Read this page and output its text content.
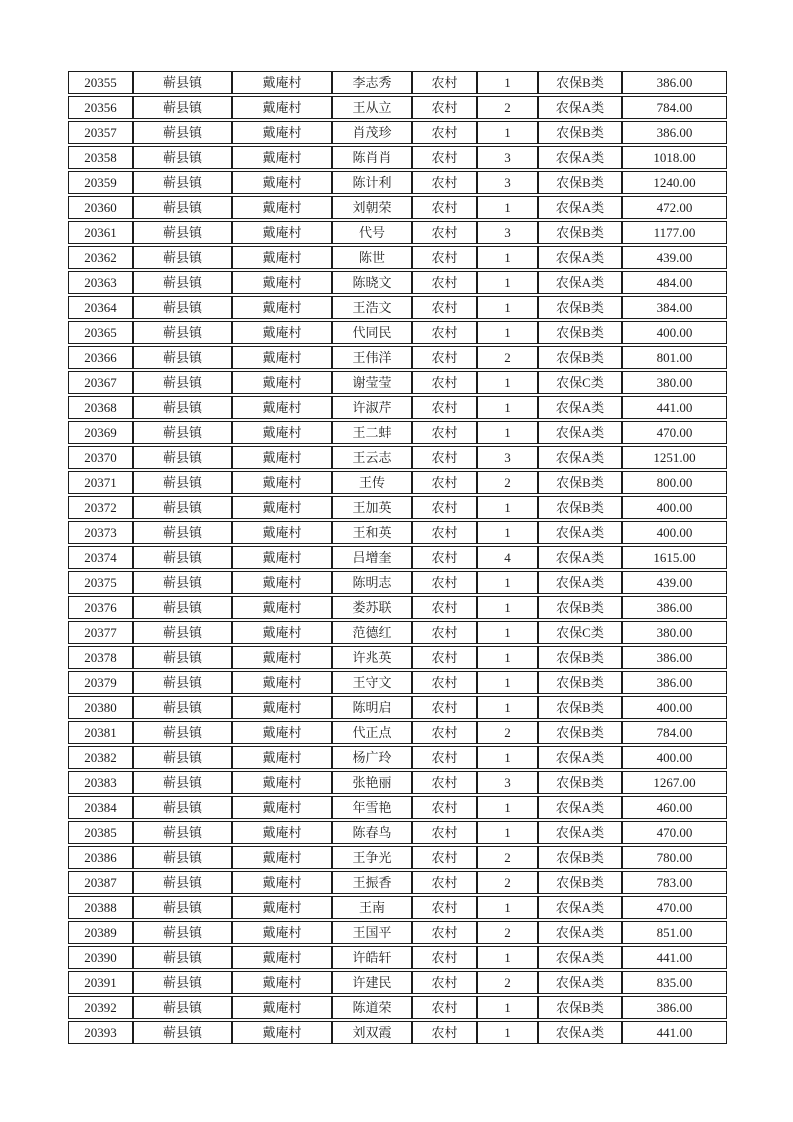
20355	蕲县镇	戴庵村	李志秀	农村	1	农保B类	386.00
20356	蕲县镇	戴庵村	王从立	农村	2	农保A类	784.00
20357	蕲县镇	戴庵村	肖茂珍	农村	1	农保B类	386.00
20358	蕲县镇	戴庵村	陈肖肖	农村	3	农保A类	1018.00
20359	蕲县镇	戴庵村	陈计利	农村	3	农保B类	1240.00
20360	蕲县镇	戴庵村	刘朝荣	农村	1	农保A类	472.00
20361	蕲县镇	戴庵村	代号	农村	3	农保B类	1177.00
20362	蕲县镇	戴庵村	陈世	农村	1	农保A类	439.00
20363	蕲县镇	戴庵村	陈晓文	农村	1	农保A类	484.00
20364	蕲县镇	戴庵村	王浩文	农村	1	农保B类	384.00
20365	蕲县镇	戴庵村	代同民	农村	1	农保B类	400.00
20366	蕲县镇	戴庵村	王伟洋	农村	2	农保B类	801.00
20367	蕲县镇	戴庵村	谢莹莹	农村	1	农保C类	380.00
20368	蕲县镇	戴庵村	许淑芹	农村	1	农保A类	441.00
20369	蕲县镇	戴庵村	王二蚌	农村	1	农保A类	470.00
20370	蕲县镇	戴庵村	王云志	农村	3	农保A类	1251.00
20371	蕲县镇	戴庵村	王传	农村	2	农保B类	800.00
20372	蕲县镇	戴庵村	王加英	农村	1	农保B类	400.00
20373	蕲县镇	戴庵村	王和英	农村	1	农保A类	400.00
20374	蕲县镇	戴庵村	吕增奎	农村	4	农保A类	1615.00
20375	蕲县镇	戴庵村	陈明志	农村	1	农保A类	439.00
20376	蕲县镇	戴庵村	娄苏联	农村	1	农保B类	386.00
20377	蕲县镇	戴庵村	范德红	农村	1	农保C类	380.00
20378	蕲县镇	戴庵村	许兆英	农村	1	农保B类	386.00
20379	蕲县镇	戴庵村	王守文	农村	1	农保B类	386.00
20380	蕲县镇	戴庵村	陈明启	农村	1	农保B类	400.00
20381	蕲县镇	戴庵村	代正点	农村	2	农保B类	784.00
20382	蕲县镇	戴庵村	杨广玲	农村	1	农保A类	400.00
20383	蕲县镇	戴庵村	张艳丽	农村	3	农保B类	1267.00
20384	蕲县镇	戴庵村	年雪艳	农村	1	农保A类	460.00
20385	蕲县镇	戴庵村	陈春鸟	农村	1	农保A类	470.00
20386	蕲县镇	戴庵村	王争光	农村	2	农保B类	780.00
20387	蕲县镇	戴庵村	王振香	农村	2	农保B类	783.00
20388	蕲县镇	戴庵村	王南	农村	1	农保A类	470.00
20389	蕲县镇	戴庵村	王国平	农村	2	农保A类	851.00
20390	蕲县镇	戴庵村	许皓轩	农村	1	农保A类	441.00
20391	蕲县镇	戴庵村	许建民	农村	2	农保A类	835.00
20392	蕲县镇	戴庵村	陈道荣	农村	1	农保B类	386.00
20393	蕲县镇	戴庵村	刘双霞	农村	1	农保A类	441.00
